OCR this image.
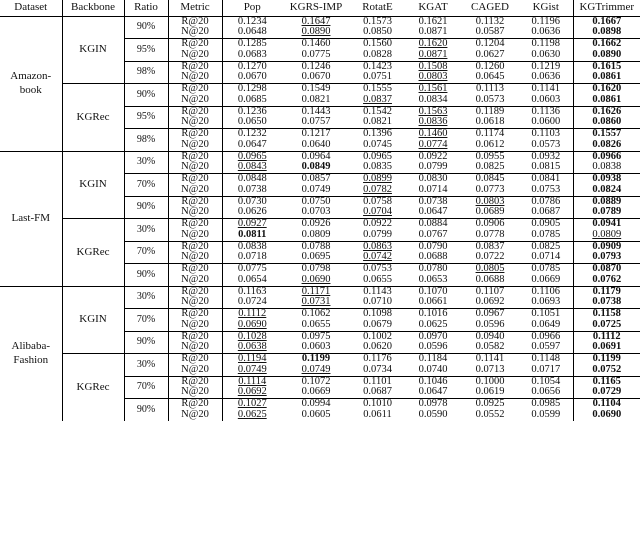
Dataset	Backbone	Ratio	Metric	Pop	KGRS-IMP	RotatE	KGAT	CAGED	KGist	KGTrimmer
Amazon-
book	KGIN	90%	R@20	0.1234	0.1647	0.1573	0.1621	0.1132	0.1196	0.1667
			N@20	0.0648	0.0890	0.0850	0.0871	0.0587	0.0636	0.0898
		95%	R@20	0.1285	0.1460	0.1560	0.1620	0.1204	0.1198	0.1662
			N@20	0.0683	0.0775	0.0828	0.0871	0.0627	0.0630	0.0890
		98%	R@20	0.1270	0.1246	0.1423	0.1508	0.1260	0.1219	0.1615
			N@20	0.0670	0.0670	0.0751	0.0803	0.0645	0.0636	0.0861
	KGRec	90%	R@20	0.1298	0.1549	0.1555	0.1561	0.1113	0.1141	0.1620
			N@20	0.0685	0.0821	0.0837	0.0834	0.0573	0.0603	0.0861
		95%	R@20	0.1236	0.1443	0.1542	0.1563	0.1189	0.1136	0.1626
			N@20	0.0650	0.0757	0.0821	0.0836	0.0618	0.0600	0.0860
		98%	R@20	0.1232	0.1217	0.1396	0.1460	0.1174	0.1103	0.1557
			N@20	0.0647	0.0640	0.0745	0.0774	0.0612	0.0573	0.0826
Last-FM	KGIN	30%	R@20	0.0965	0.0964	0.0965	0.0922	0.0955	0.0932	0.0966
			N@20	0.0843	0.0849	0.0835	0.0799	0.0825	0.0815	0.0838
		70%	R@20	0.0848	0.0857	0.0899	0.0830	0.0845	0.0841	0.0938
			N@20	0.0738	0.0749	0.0782	0.0714	0.0773	0.0753	0.0824
		90%	R@20	0.0730	0.0750	0.0758	0.0738	0.0803	0.0786	0.0889
			N@20	0.0626	0.0703	0.0704	0.0647	0.0689	0.0687	0.0789
	KGRec	30%	R@20	0.0927	0.0926	0.0922	0.0884	0.0906	0.0905	0.0941
			N@20	0.0811	0.0809	0.0799	0.0767	0.0778	0.0785	0.0809
		70%	R@20	0.0838	0.0788	0.0863	0.0790	0.0837	0.0825	0.0909
			N@20	0.0718	0.0695	0.0742	0.0688	0.0722	0.0714	0.0793
		90%	R@20	0.0775	0.0798	0.0753	0.0780	0.0805	0.0785	0.0870
			N@20	0.0654	0.0690	0.0655	0.0653	0.0688	0.0669	0.0762
Alibaba-
Fashion	KGIN	30%	R@20	0.1163	0.1171	0.1143	0.1070	0.1107	0.1106	0.1179
			N@20	0.0724	0.0731	0.0710	0.0661	0.0692	0.0693	0.0738
		70%	R@20	0.1112	0.1062	0.1098	0.1016	0.0967	0.1051	0.1158
			N@20	0.0690	0.0655	0.0679	0.0625	0.0596	0.0649	0.0725
		90%	R@20	0.1028	0.0975	0.1002	0.0970	0.0940	0.0966	0.1112
			N@20	0.0638	0.0603	0.0620	0.0596	0.0582	0.0597	0.0691
	KGRec	30%	R@20	0.1194	0.1199	0.1176	0.1184	0.1141	0.1148	0.1199
			N@20	0.0749	0.0749	0.0734	0.0740	0.0713	0.0717	0.0752
		70%	R@20	0.1114	0.1072	0.1101	0.1046	0.1000	0.1054	0.1165
			N@20	0.0692	0.0669	0.0687	0.0647	0.0619	0.0656	0.0729
		90%	R@20	0.1027	0.0994	0.1010	0.0978	0.0925	0.0985	0.1104
			N@20	0.0625	0.0605	0.0611	0.0590	0.0552	0.0599	0.0690
